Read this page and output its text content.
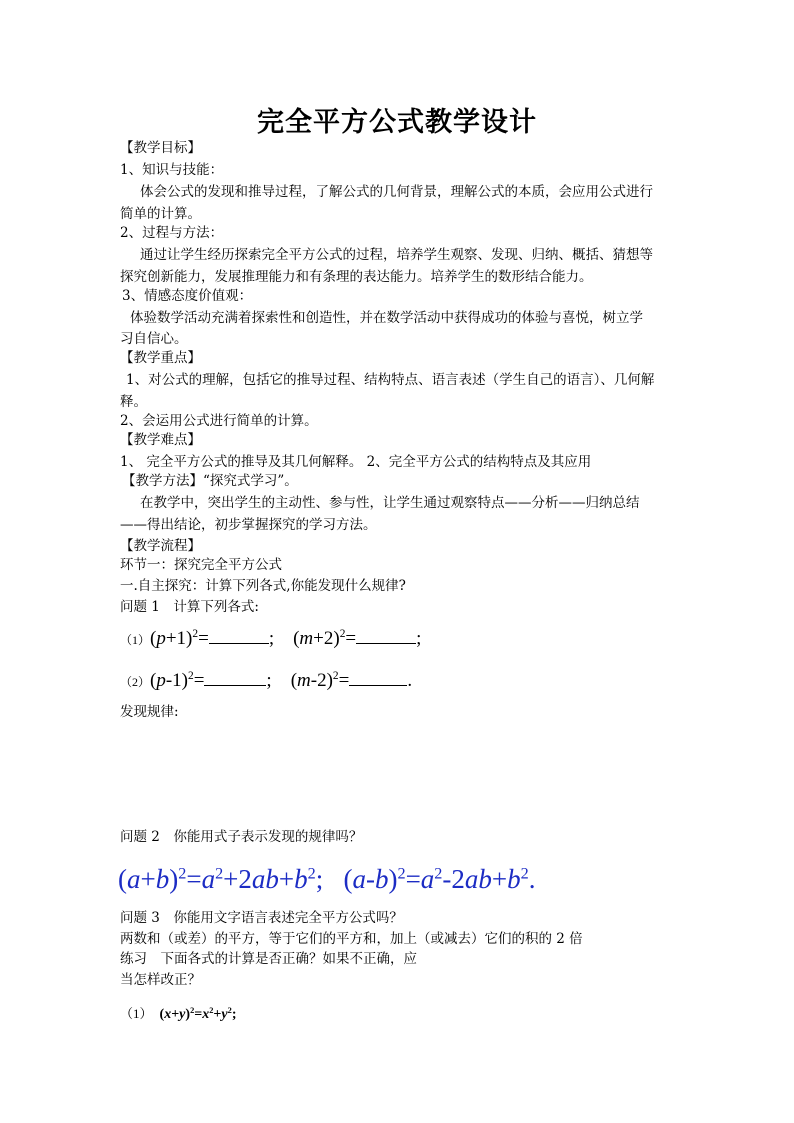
完全平方公式教学设计
【教学目标】
1、知识与技能：
体会公式的发现和推导过程，了解公式的几何背景，理解公式的本质，会应用公式进行
简单的计算。
2、过程与方法：
通过让学生经历探索完全平方公式的过程，培养学生观察、发现、归纳、概括、猜想等
探究创新能力，发展推理能力和有条理的表达能力。培养学生的数形结合能力。
3、情感态度价值观：
体验数学活动充满着探索性和创造性，并在数学活动中获得成功的体验与喜悦，树立学
习自信心。
【教学重点】
1、对公式的理解，包括它的推导过程、结构特点、语言表述（学生自己的语言）、几何解
释。
2、会运用公式进行简单的计算。
【教学难点】
1、 完全平方公式的推导及其几何解释。 2、完全平方公式的结构特点及其应用
【教学方法】“探究式学习”。
在教学中，突出学生的主动性、参与性，让学生通过观察特点——分析——归纳总结
——得出结论，初步掌握探究的学习方法。
【教学流程】
环节一：探究完全平方公式
一.自主探究：计算下列各式,你能发现什么规律?
问题 1　计算下列各式:
$(1)(p+1)^2=$	;    $(m+2)^2=$	;
$(2)(p-1)^2=$	;    $(m-2)^2=$	.
发现规律:
问题 2　你能用式子表示发现的规律吗？
$(a+b)^2=a^2+2ab+b^2$;   $(a-b)^2=a^2-2ab+b^2$.
问题 3　你能用文字语言表述完全平方公式吗？
两数和（或差）的平方，等于它们的平方和，加上（或减去）它们的积的 2 倍
练习　下面各式的计算是否正确？如果不正确，应
当怎样改正？
（1）  $(x+y)^2=x^2+y^2$;
